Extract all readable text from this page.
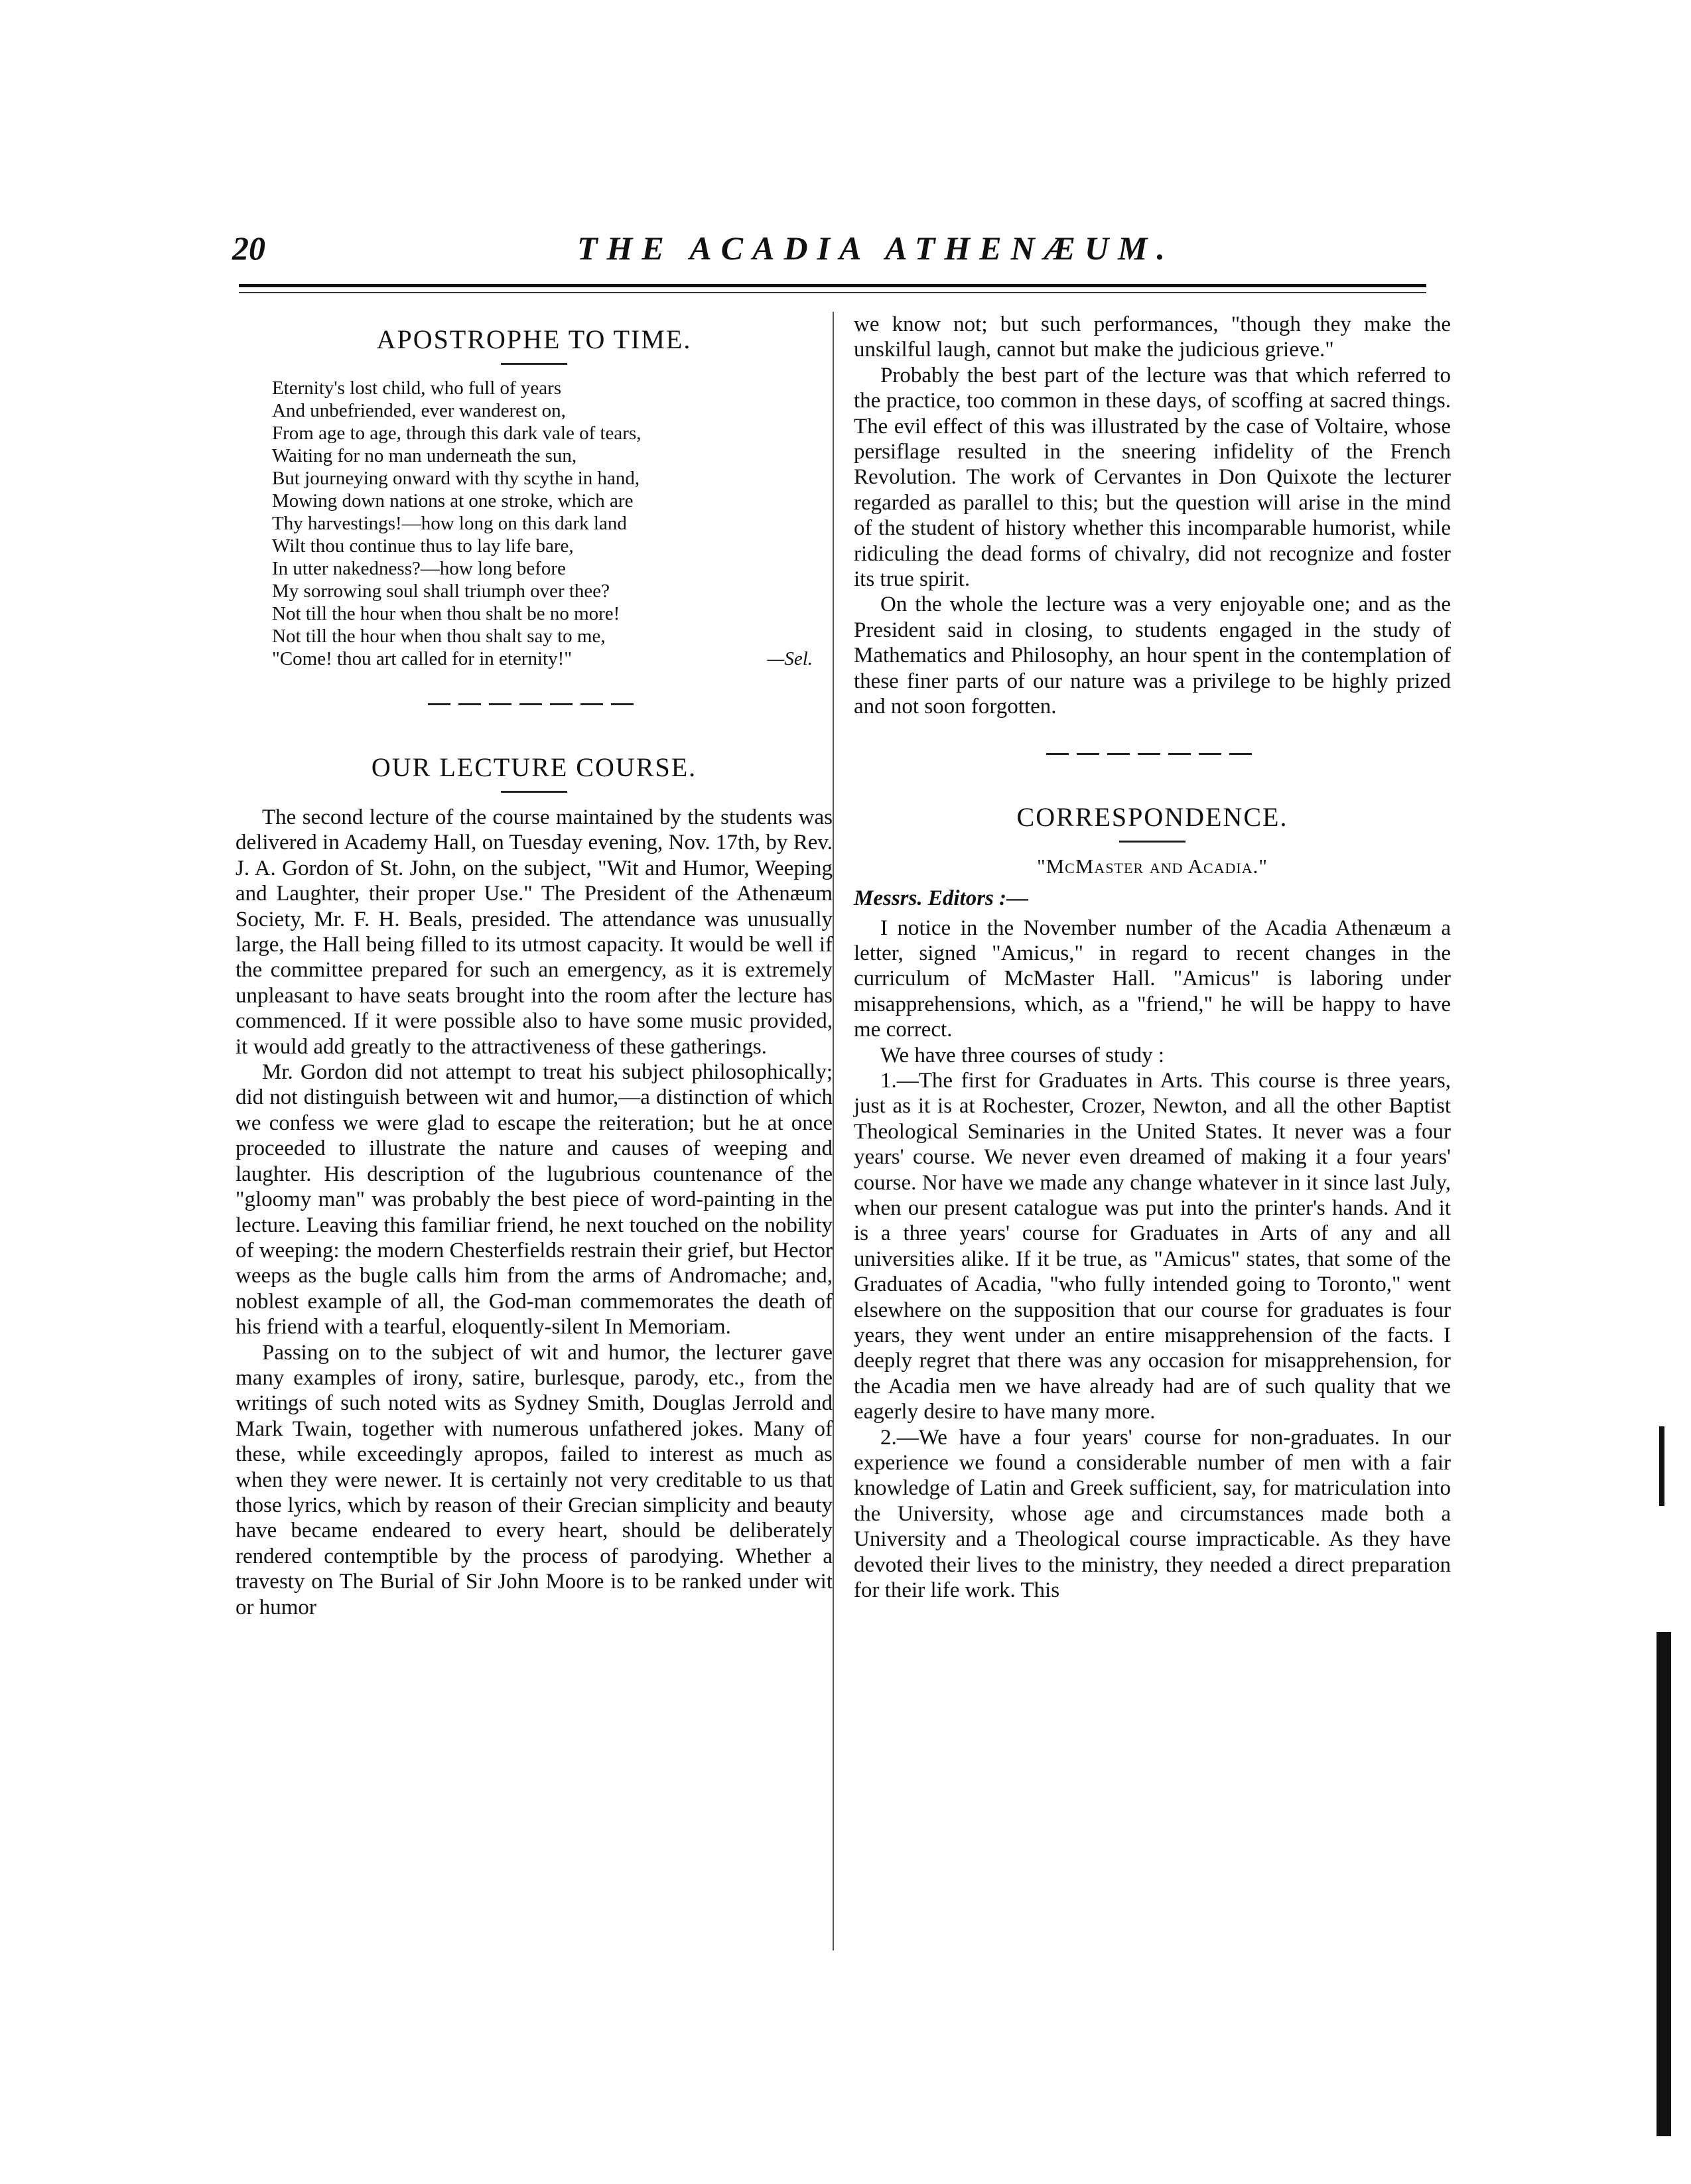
20	THE ACADIA ATHENÆUM.
APOSTROPHE TO TIME.
Eternity's lost child, who full of years
And unbefriended, ever wanderest on,
From age to age, through this dark vale of tears,
Waiting for no man underneath the sun,
But journeying onward with thy scythe in hand,
Mowing down nations at one stroke, which are
Thy harvestings!—how long on this dark land
Wilt thou continue thus to lay life bare,
In utter nakedness?—how long before
My sorrowing soul shall triumph over thee?
Not till the hour when thou shalt be no more!
Not till the hour when thou shalt say to me,
"Come! thou art called for in eternity!"	—Sel.
OUR LECTURE COURSE.

The second lecture of the course maintained by the students was delivered in Academy Hall, on Tuesday evening, Nov. 17th, by Rev. J. A. Gordon of St. John, on the subject, "Wit and Humor, Weeping and Laughter, their proper Use." The President of the Athenæum Society, Mr. F. H. Beals, presided. The attendance was unusually large, the Hall being filled to its utmost capacity. It would be well if the committee prepared for such an emergency, as it is extremely unpleasant to have seats brought into the room after the lecture has commenced. If it were possible also to have some music provided, it would add greatly to the attractiveness of these gatherings.

Mr. Gordon did not attempt to treat his subject philosophically; did not distinguish between wit and humor,—a distinction of which we confess we were glad to escape the reiteration; but he at once proceeded to illustrate the nature and causes of weeping and laughter. His description of the lugubrious countenance of the "gloomy man" was probably the best piece of word-painting in the lecture. Leaving this familiar friend, he next touched on the nobility of weeping: the modern Chesterfields restrain their grief, but Hector weeps as the bugle calls him from the arms of Andromache; and, noblest example of all, the God-man commemorates the death of his friend with a tearful, eloquently-silent In Memoriam.

Passing on to the subject of wit and humor, the lecturer gave many examples of irony, satire, burlesque, parody, etc., from the writings of such noted wits as Sydney Smith, Douglas Jerrold and Mark Twain, together with numerous unfathered jokes. Many of these, while exceedingly apropos, failed to interest as much as when they were newer. It is certainly not very creditable to us that those lyrics, which by reason of their Grecian simplicity and beauty have became endeared to every heart, should be deliberately rendered contemptible by the process of parodying. Whether a travesty on The Burial of Sir John Moore is to be ranked under wit or humor

we know not; but such performances, "though they make the unskilful laugh, cannot but make the judicious grieve."

Probably the best part of the lecture was that which referred to the practice, too common in these days, of scoffing at sacred things. The evil effect of this was illustrated by the case of Voltaire, whose persiflage resulted in the sneering infidelity of the French Revolution. The work of Cervantes in Don Quixote the lecturer regarded as parallel to this; but the question will arise in the mind of the student of history whether this incomparable humorist, while ridiculing the dead forms of chivalry, did not recognize and foster its true spirit.

On the whole the lecture was a very enjoyable one; and as the President said in closing, to students engaged in the study of Mathematics and Philosophy, an hour spent in the contemplation of these finer parts of our nature was a privilege to be highly prized and not soon forgotten.

CORRESPONDENCE.
"McMaster and Acadia."
Messrs. Editors :—

I notice in the November number of the Acadia Athenæum a letter, signed "Amicus," in regard to recent changes in the curriculum of McMaster Hall. "Amicus" is laboring under misapprehensions, which, as a "friend," he will be happy to have me correct.

We have three courses of study :

1.—The first for Graduates in Arts. This course is three years, just as it is at Rochester, Crozer, Newton, and all the other Baptist Theological Seminaries in the United States. It never was a four years' course. We never even dreamed of making it a four years' course. Nor have we made any change whatever in it since last July, when our present catalogue was put into the printer's hands. And it is a three years' course for Graduates in Arts of any and all universities alike. If it be true, as "Amicus" states, that some of the Graduates of Acadia, "who fully intended going to Toronto," went elsewhere on the supposition that our course for graduates is four years, they went under an entire misapprehension of the facts. I deeply regret that there was any occasion for misapprehension, for the Acadia men we have already had are of such quality that we eagerly desire to have many more.

2.—We have a four years' course for non-graduates. In our experience we found a considerable number of men with a fair knowledge of Latin and Greek sufficient, say, for matriculation into the University, whose age and circumstances made both a University and a Theological course impracticable. As they have devoted their lives to the ministry, they needed a direct preparation for their life work. This
